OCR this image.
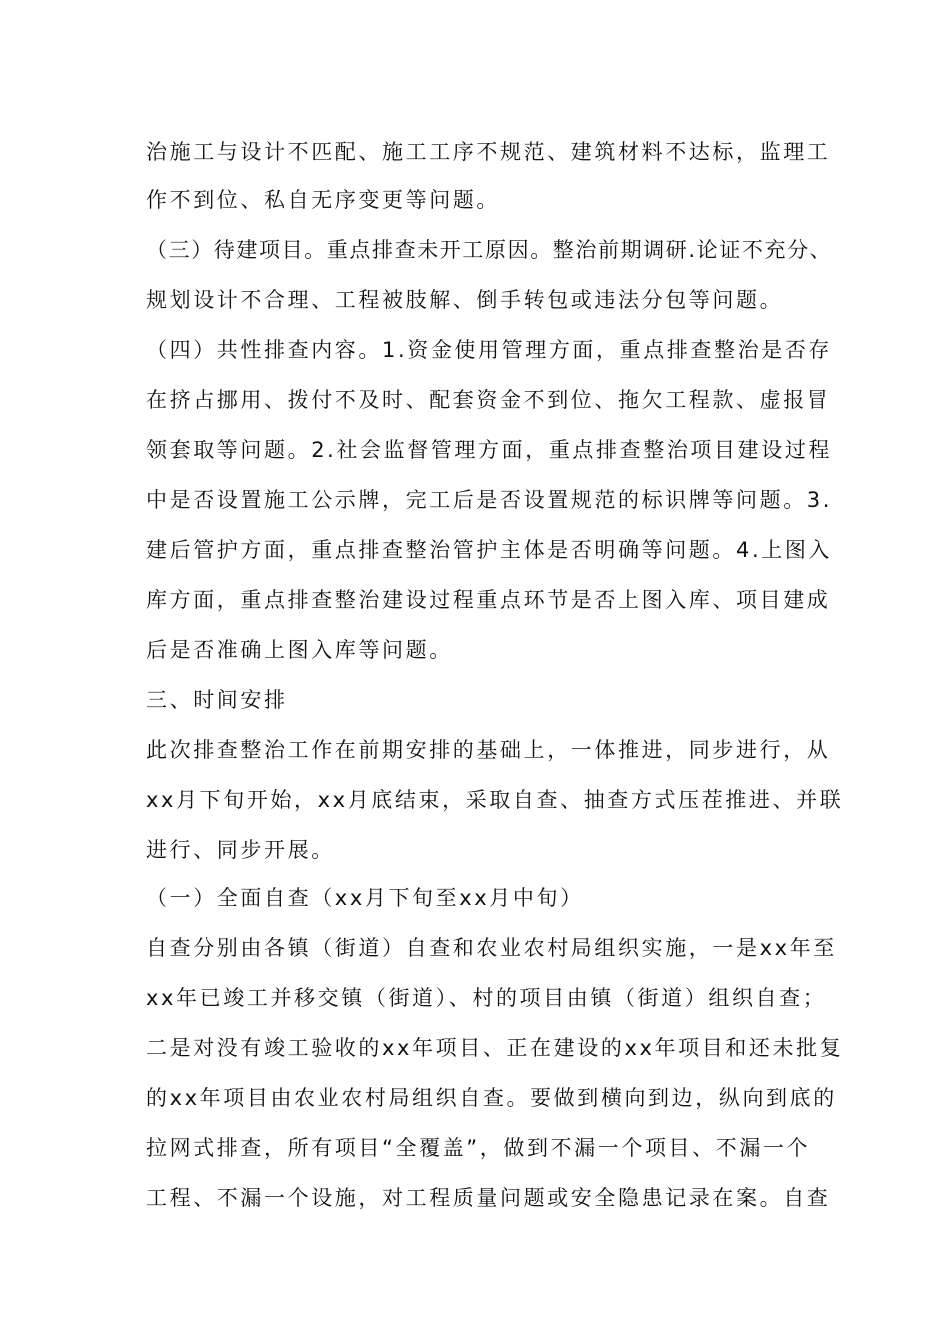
治施工与设计不匹配、施工工序不规范、建筑材料不达标，监理工

作不到位、私自无序变更等问题。

（三）待建项目。重点排查未开工原因。整治前期调研.论证不充分、

规划设计不合理、工程被肢解、倒手转包或违法分包等问题。

（四）共性排查内容。1.资金使用管理方面，重点排查整治是否存

在挤占挪用、拨付不及时、配套资金不到位、拖欠工程款、虚报冒

领套取等问题。2.社会监督管理方面，重点排查整治项目建设过程

中是否设置施工公示牌，完工后是否设置规范的标识牌等问题。3.

建后管护方面，重点排查整治管护主体是否明确等问题。4.上图入

库方面，重点排查整治建设过程重点环节是否上图入库、项目建成

后是否准确上图入库等问题。

三、时间安排

此次排查整治工作在前期安排的基础上，一体推进，同步进行，从

xx月下旬开始，xx月底结束，采取自查、抽查方式压茬推进、并联

进行、同步开展。

（一）全面自查（xx月下旬至xx月中旬）

自查分别由各镇（街道）自查和农业农村局组织实施，一是xx年至

xx年已竣工并移交镇（街道）、村的项目由镇（街道）组织自查；

二是对没有竣工验收的xx年项目、正在建设的xx年项目和还未批复

的xx年项目由农业农村局组织自查。要做到横向到边，纵向到底的

拉网式排查，所有项目“全覆盖”，做到不漏一个项目、不漏一个

工程、不漏一个设施，对工程质量问题或安全隐患记录在案。自查
